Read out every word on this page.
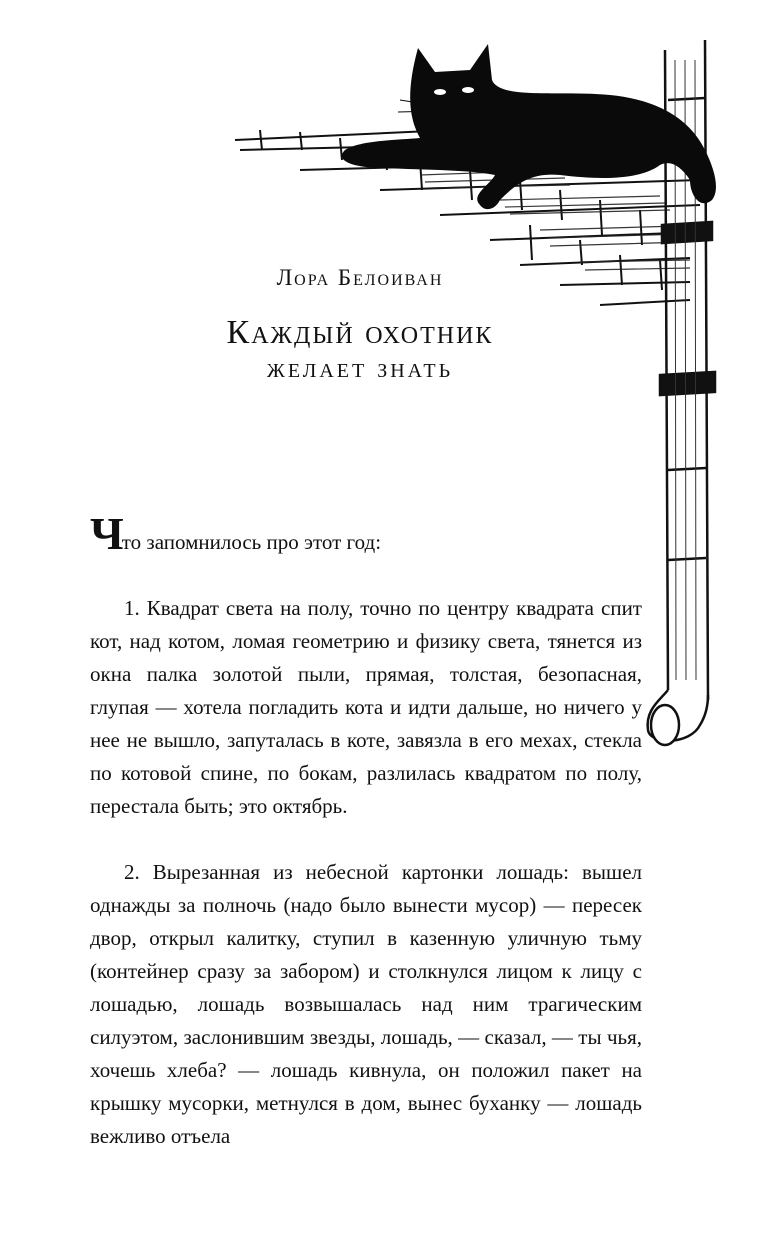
Лора Белоиван
Каждый охотник
желает знать

Что запомнилось про этот год:

1. Квадрат света на полу, точно по центру квадрата спит кот, над котом, ломая геометрию и физику света, тянется из окна палка золотой пыли, прямая, толстая, безопасная, глупая — хотела погладить кота и идти дальше, но ничего у нее не вышло, запуталась в коте, завязла в его мехах, стекла по котовой спине, по бокам, разлилась квадратом по полу, перестала быть; это октябрь.

2. Вырезанная из небесной картонки лошадь: вышел однажды за полночь (надо было вынести мусор) — пересек двор, открыл калитку, ступил в казенную уличную тьму (контейнер сразу за забором) и столкнулся лицом к лицу с лошадью, лошадь возвышалась над ним трагическим силуэтом, заслонившим звезды, лошадь, — сказал, — ты чья, хочешь хлеба? — лошадь кивнула, он положил пакет на крышку мусорки, метнулся в дом, вынес буханку — лошадь вежливо отъела
